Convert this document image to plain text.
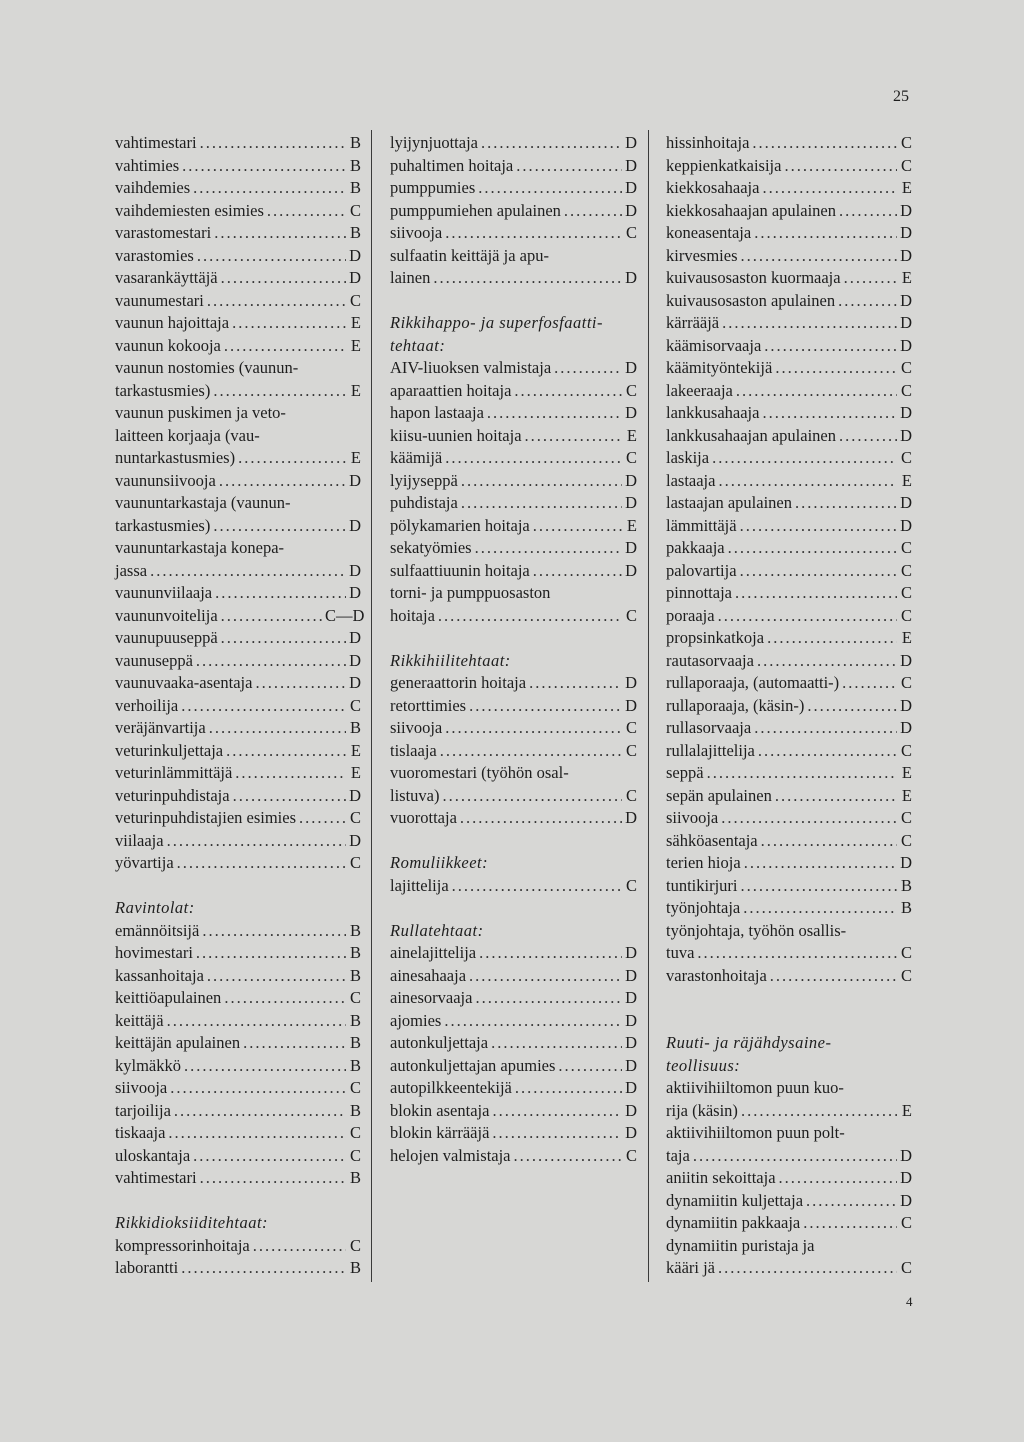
25
vahtimestari .....	B
vahtimies .....	B
vaihdemies .....	B
vaihdemiesten esimies .....	C
varastomestari .....	B
varastomies .....	D
vasarankäyttäjä .....	D
vaunumestari .....	C
vaunun hajoittaja .....	E
vaunun kokooja .....	E
vaunun nostomies (vaunun-
tarkastusmies) .....	E
vaunun puskimen ja veto-
laitteen korjaaja (vau-
nuntarkastusmies) .....	E
vaununsiivooja .....	D
vaununtarkastaja (vaunun-
tarkastusmies) .....	D
vaununtarkastaja konepa-
jassa .....	D
vaununviilaaja .....	D
vaununvoitelija .....	C—D
vaunupuuseppä .....	D
vaunuseppä .....	D
vaunuvaaka-asentaja .....	D
verhoilija .....	C
veräjänvartija .....	B
veturinkuljettaja .....	E
veturinlämmittäjä .....	E
veturinpuhdistaja .....	D
veturinpuhdistajien esimies .....	C
viilaaja .....	D
yövartija .....	C
Ravintolat:
emännöitsijä .....	B
hovimestari .....	B
kassanhoitaja .....	B
keittiöapulainen .....	C
keittäjä .....	B
keittäjän apulainen .....	B
kylmäkkö .....	B
siivooja .....	C
tarjoilija .....	B
tiskaaja .....	C
uloskantaja .....	C
vahtimestari .....	B
Rikkidioksiiditehtaat:
kompressorinhoitaja .....	C
laborantti .....	B
lyijynjuottaja .....	D
puhaltimen hoitaja .....	D
pumppumies .....	D
pumppumiehen apulainen .....	D
siivooja .....	C
sulfaatin keittäjä ja apu-
lainen .....	D
Rikkihappo- ja superfosfaatti-
tehtaat:
AIV-liuoksen valmistaja .....	D
aparaattien hoitaja .....	C
hapon lastaaja .....	D
kiisu-uunien hoitaja .....	E
käämijä .....	C
lyijyseppä .....	D
puhdistaja .....	D
pölykamarien hoitaja .....	E
sekatyömies .....	D
sulfaattiuunin hoitaja .....	D
torni- ja pumppuosaston
hoitaja .....	C
Rikkihiilitehtaat:
generaattorin hoitaja .....	D
retorttimies .....	D
siivooja .....	C
tislaaja .....	C
vuoromestari (työhön osal-
listuva) .....	C
vuorottaja .....	D
Romuliikkeet:
lajittelija .....	C
Rullatehtaat:
ainelajittelija .....	D
ainesahaaja .....	D
ainesorvaaja .....	D
ajomies .....	D
autonkuljettaja .....	D
autonkuljettajan apumies .....	D
autopilkkeentekijä .....	D
blokin asentaja .....	D
blokin kärrääjä .....	D
helojen valmistaja .....	C
hissinhoitaja .....	C
keppienkatkaisija .....	C
kiekkosahaaja .....	E
kiekkosahaajan apulainen .....	D
koneasentaja .....	D
kirvesmies .....	D
kuivausosaston kuormaaja .....	E
kuivausosaston apulainen .....	D
kärrääjä .....	D
käämisorvaaja .....	D
käämityöntekijä .....	C
lakeeraaja .....	C
lankkusahaaja .....	D
lankkusahaajan apulainen .....	D
laskija .....	C
lastaaja .....	E
lastaajan apulainen .....	D
lämmittäjä .....	D
pakkaaja .....	C
palovartija .....	C
pinnottaja .....	C
poraaja .....	C
propsinkatkoja .....	E
rautasorvaaja .....	D
rullaporaaja, (automaatti-) .....	C
rullaporaaja, (käsin-) .....	D
rullasorvaaja .....	D
rullalajittelija .....	C
seppä .....	E
sepän apulainen .....	E
siivooja .....	C
sähköasentaja .....	C
terien hioja .....	D
tuntikirjuri .....	B
työnjohtaja .....	B
työnjohtaja, työhön osallis-
tuva .....	C
varastonhoitaja .....	C
Ruuti- ja räjähdysaine-
teollisuus:
aktiivihiiltomon puun kuo-
rija (käsin) .....	E
aktiivihiiltomon puun polt-
taja .....	D
aniitin sekoittaja .....	D
dynamiitin kuljettaja .....	D
dynamiitin pakkaaja .....	C
dynamiitin puristaja ja
kääri jä .....	C
4
